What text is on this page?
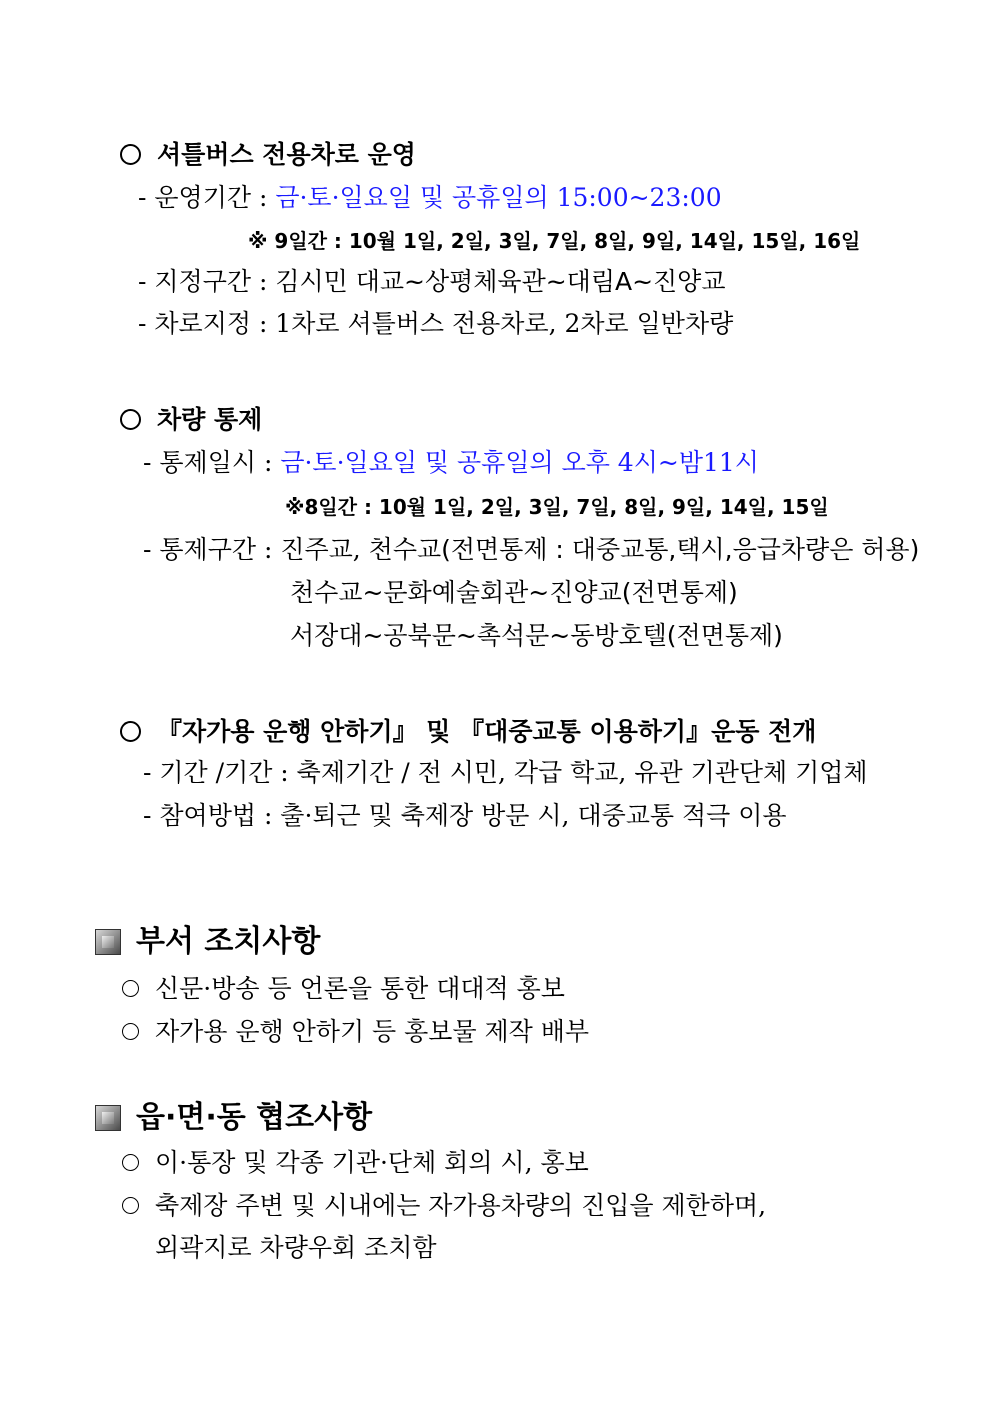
셔틀버스 전용차로 운영
- 운영기간 : 금·토·일요일 및 공휴일의 15:00~23:00
※ 9일간 : 10월 1일, 2일, 3일, 7일, 8일, 9일, 14일, 15일, 16일
- 지정구간 : 김시민 대교~상평체육관~대림A~진양교
- 차로지정 : 1차로 셔틀버스 전용차로, 2차로 일반차량
차량 통제
- 통제일시 : 금·토·일요일 및 공휴일의 오후 4시~밤11시
※8일간 : 10월 1일, 2일, 3일, 7일, 8일, 9일, 14일, 15일
- 통제구간 : 진주교, 천수교(전면통제 : 대중교통,택시,응급차량은 허용)
천수교~문화예술회관~진양교(전면통제)
서장대~공북문~촉석문~동방호텔(전면통제)
『자가용 운행 안하기』 및 『대중교통 이용하기』운동 전개
- 기간 /기간 : 축제기간 / 전 시민, 각급 학교, 유관 기관단체 기업체
- 참여방법 : 출·퇴근 및 축제장 방문 시, 대중교통 적극 이용
부서 조치사항
신문·방송 등 언론을 통한 대대적 홍보
자가용 운행 안하기 등 홍보물 제작 배부
읍·면·동 협조사항
이·통장 및 각종 기관·단체 회의 시, 홍보
축제장 주변 및 시내에는 자가용차량의 진입을 제한하며,
외곽지로 차량우회 조치함
